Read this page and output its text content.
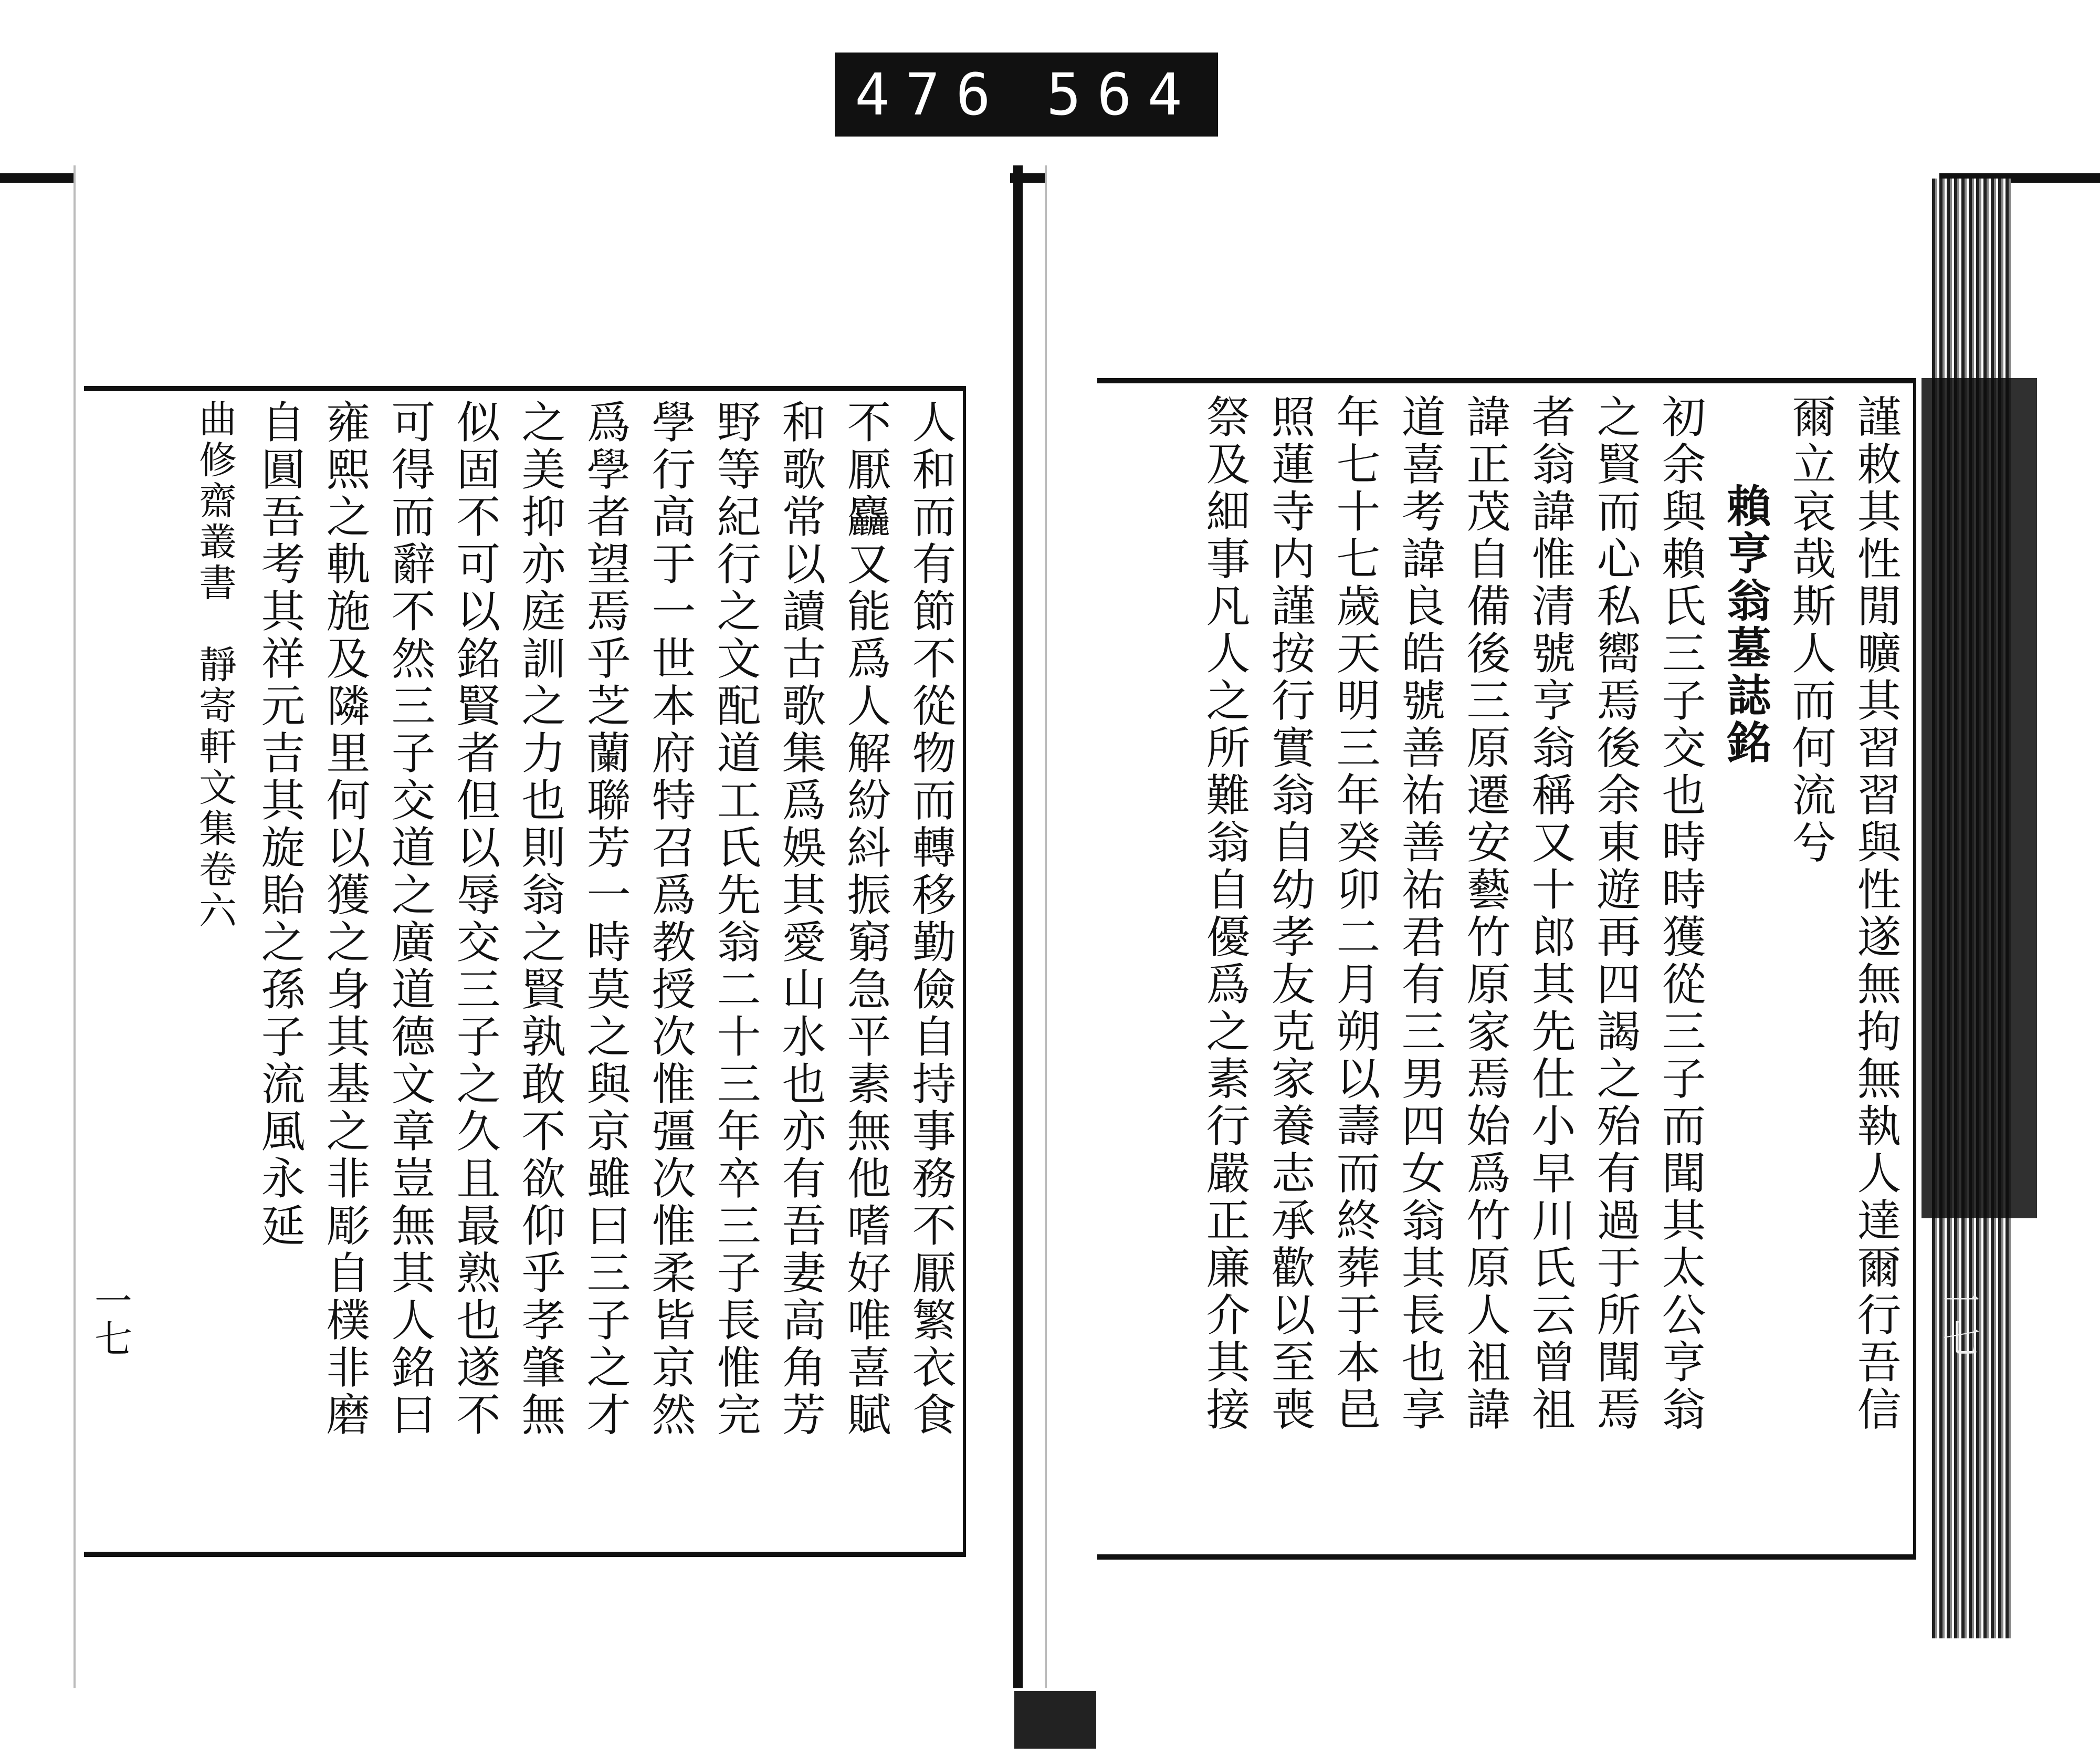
476 564
謹敕其性閒曠其習習與性遂無拘無執人達爾行吾信
爾立哀哉斯人而何流兮
賴亨翁墓誌銘
初余與賴氏三子交也時時獲從三子而聞其太公亨翁
之賢而心私嚮焉後余東遊再四謁之殆有過于所聞焉
者翁諱惟清號亨翁稱又十郎其先仕小早川氏云曾祖
諱正茂自備後三原遷安藝竹原家焉始爲竹原人祖諱
道喜考諱良皓號善祐善祐君有三男四女翁其長也享
年七十七歲天明三年癸卯二月朔以壽而終葬于本邑
照蓮寺内謹按行實翁自幼孝友克家養志承歡以至喪
祭及細事凡人之所難翁自優爲之素行嚴正廉介其接
人和而有節不從物而轉移勤儉自持事務不厭繁衣食
不厭麤又能爲人解紛紏振窮急平素無他嗜好唯喜賦
和歌常以讀古歌集爲娛其愛山水也亦有吾妻高角芳
野等紀行之文配道工氏先翁二十三年卒三子長惟完
學行高于一世本府特召爲教授次惟彊次惟柔皆京然
爲學者望焉乎芝蘭聯芳一時莫之與京雖曰三子之才
之美抑亦庭訓之力也則翁之賢孰敢不欲仰乎孝肇無
似固不可以銘賢者但以辱交三子之久且最熟也遂不
可得而辭不然三子交道之廣道德文章豈無其人銘曰
雍熙之軌施及隣里何以獲之身其基之非彫自樸非磨
自圓吾考其祥元吉其旋貽之孫子流風永延
曲修齋叢書　靜寄軒文集卷六
一七	一七
